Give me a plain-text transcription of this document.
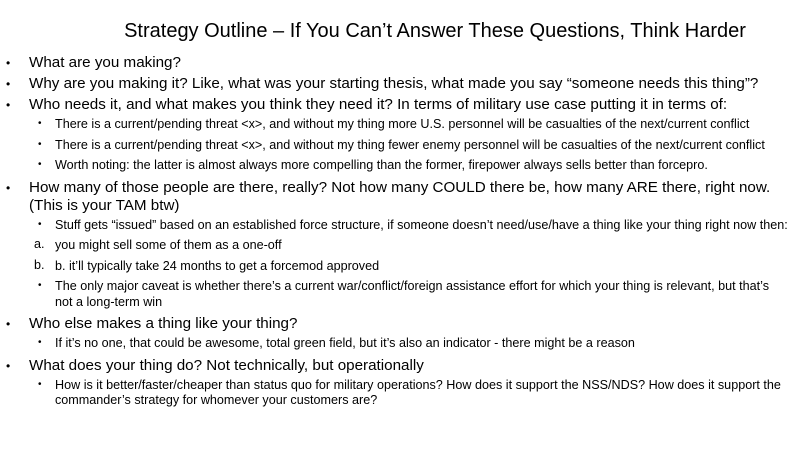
Strategy Outline – If You Can’t Answer These Questions, Think Harder
• What are you making?
• Why are you making it? Like, what was your starting thesis, what made you say “someone needs this thing”?
• Who needs it, and what makes you think they need it? In terms of military use case putting it in terms of:
• There is a current/pending threat <x>, and without my thing more U.S. personnel will be casualties of the next/current conflict
• There is a current/pending threat <x>, and without my thing fewer enemy personnel will be casualties of the next/current conflict
• Worth noting: the latter is almost always more compelling than the former, firepower always sells better than forcepro.
• How many of those people are there, really? Not how many COULD there be, how many ARE there, right now. (This is your TAM btw)
• Stuff gets “issued” based on an established force structure, if someone doesn’t need/use/have a thing like your thing right now then:
a. you might sell some of them as a one-off
b. b. it’ll typically take 24 months to get a forcemod approved
• The only major caveat is whether there’s a current war/conflict/foreign assistance effort for which your thing is relevant, but that’s not a long-term win
• Who else makes a thing like your thing?
• If it’s no one, that could be awesome, total green field, but it’s also an indicator - there might be a reason
• What does your thing do? Not technically, but operationally
• How is it better/faster/cheaper than status quo for military operations? How does it support the NSS/NDS? How does it support the commander’s strategy for whomever your customers are?
